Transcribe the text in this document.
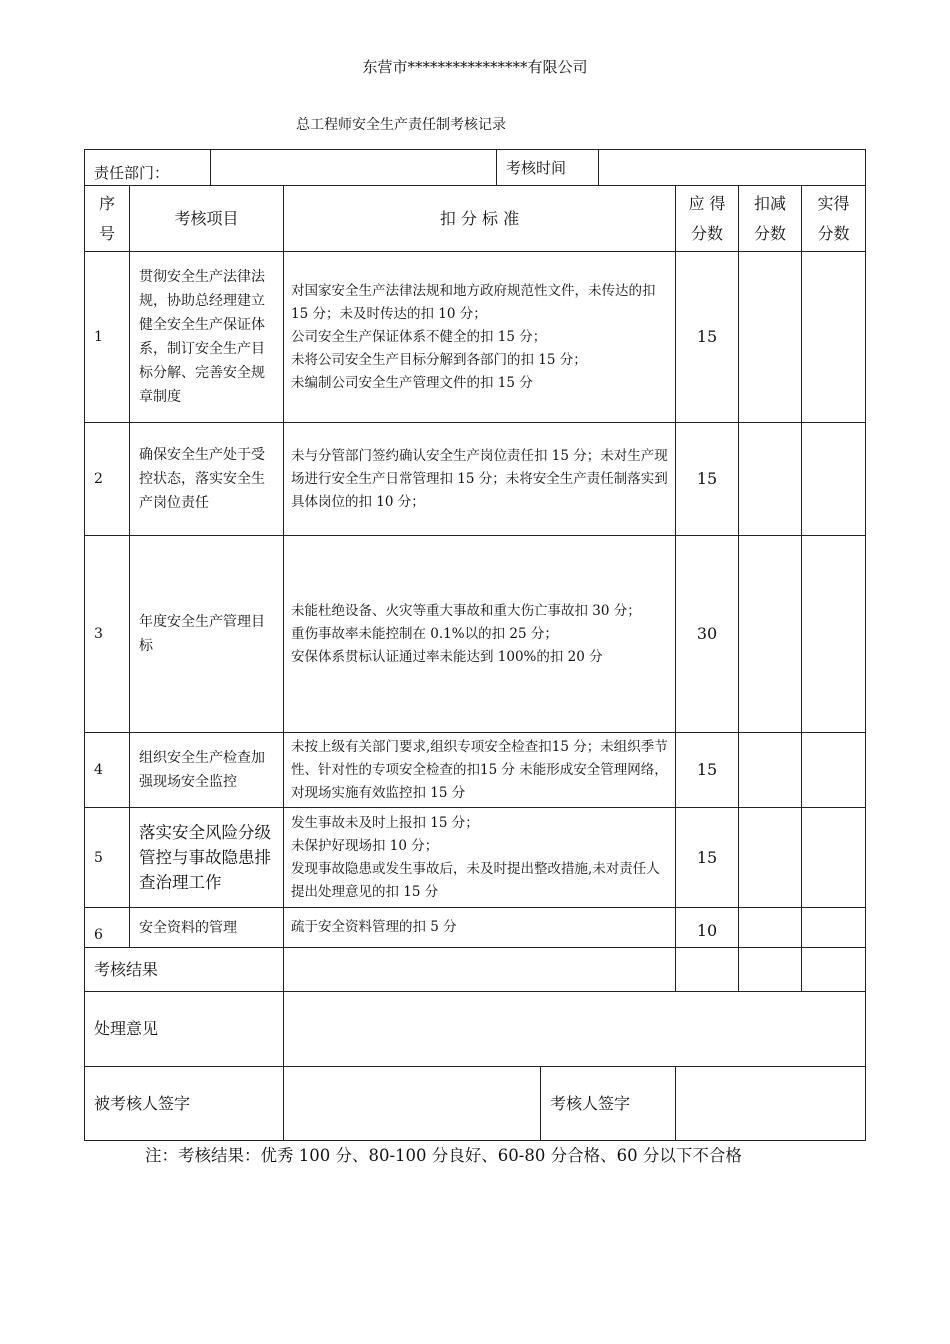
东营市****************有限公司
总工程师安全生产责任制考核记录
责任部门：		考核时间	
序号	考核项目	扣 分 标 准	应 得分数	扣减分数	实得分数
1	贯彻安全生产法律法规，协助总经理建立健全安全生产保证体系，制订安全生产目标分解、完善安全规章制度	对国家安全生产法律法规和地方政府规范性文件，未传达的扣 15 分；未及时传达的扣 10 分；
公司安全生产保证体系不健全的扣 15 分；
未将公司安全生产目标分解到各部门的扣 15 分；
未编制公司安全生产管理文件的扣 15 分	15		
2	确保安全生产处于受控状态，落实安全生产岗位责任	未与分管部门签约确认安全生产岗位责任扣 15 分；未对生产现场进行安全生产日常管理扣 15 分；未将安全生产责任制落实到具体岗位的扣 10 分；	15		
3	年度安全生产管理目标	未能杜绝设备、火灾等重大事故和重大伤亡事故扣 30 分；
重伤事故率未能控制在 0.1%以的扣 25 分；
安保体系贯标认证通过率未能达到 100%的扣 20 分	30		
4	组织安全生产检查加强现场安全监控	未按上级有关部门要求,组织专项安全检查扣15 分；未组织季节性、针对性的专项安全检查的扣15 分 未能形成安全管理网络，对现场实施有效监控扣 15 分	15		
5	落实安全风险分级管控与事故隐患排查治理工作	发生事故未及时上报扣 15 分；
未保护好现场扣 10 分；
发现事故隐患或发生事故后，未及时提出整改措施,未对责任人提出处理意见的扣 15 分	15		
6	安全资料的管理	疏于安全资料管理的扣 5 分	10		
考核结果					
处理意见					
被考核人签字		考核人签字			

注：考核结果：优秀 100 分、80-100 分良好、60-80 分合格、60 分以下不合格
